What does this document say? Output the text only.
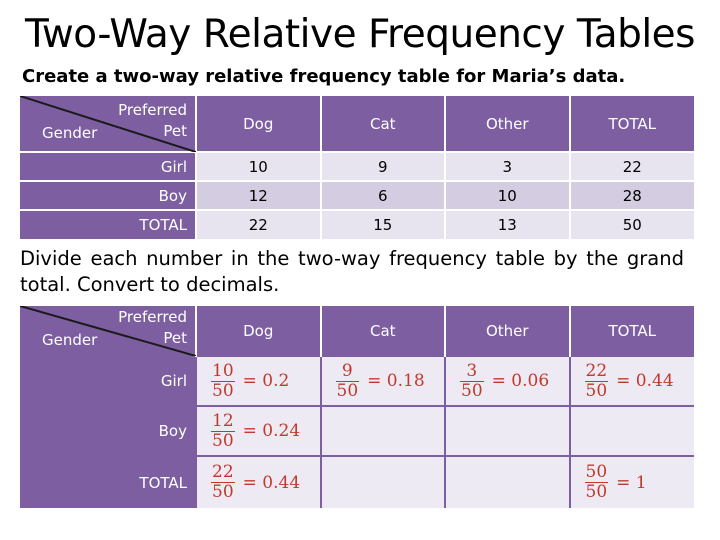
Two-Way Relative Frequency Tables
Create a two-way relative frequency table for Maria’s data.
Gender
Preferred
Pet	Dog	Cat	Other	TOTAL
Girl	10	9	3	22
Boy	12	6	10	28
TOTAL	22	15	13	50
Divide each number in the two-way frequency table by the grand total. Convert to decimals.
Gender
Preferred
Pet	Dog	Cat	Other	TOTAL
Girl	$\frac{10}{50} = 0.2$	$\frac{9}{50} = 0.18$	$\frac{3}{50} = 0.06$	$\frac{22}{50} = 0.44$

Boy	$\frac{12}{50} = 0.24$			

TOTAL	$\frac{22}{50} = 0.44$			$\frac{50}{50} = 1$
